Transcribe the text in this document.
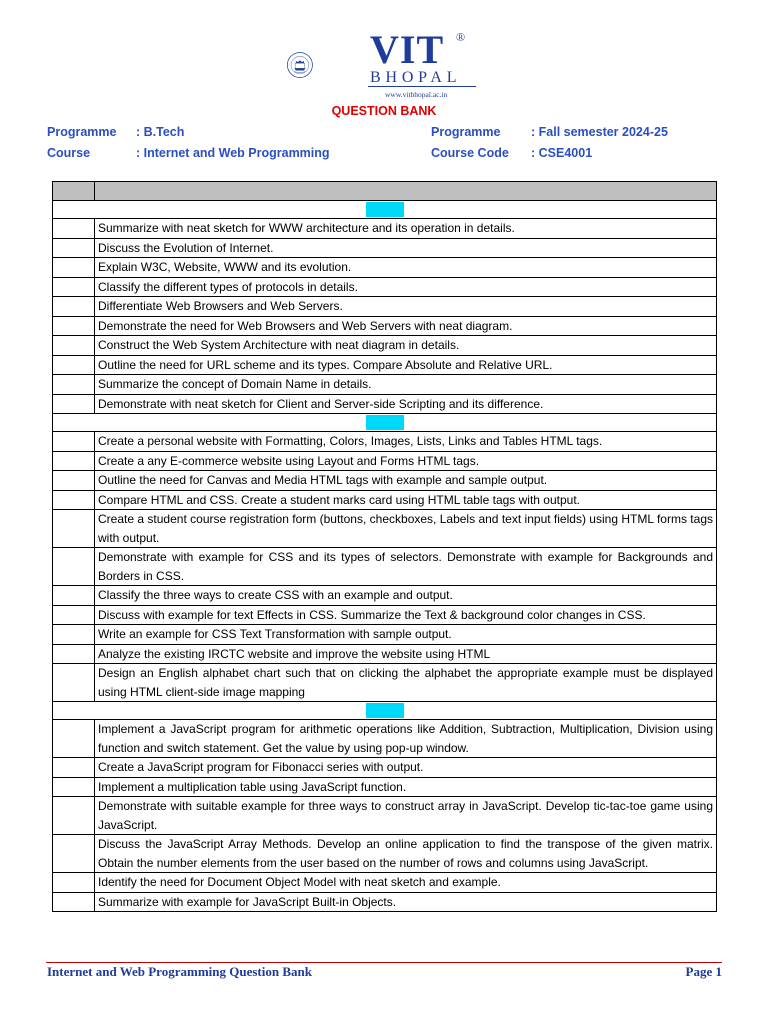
VIT ®
BHOPAL
www.vitbhopal.ac.in
QUESTION BANK
Programme : B.Tech
Course	: Internet and Web Programming
Programme : Fall semester 2024-25
Course Code : CSE4001

	Summarize with neat sketch for WWW architecture and its operation in details.
	Discuss the Evolution of Internet.
	Explain W3C, Website, WWW and its evolution.
	Classify the different types of protocols in details.
	Differentiate Web Browsers and Web Servers.
	Demonstrate the need for Web Browsers and Web Servers with neat diagram.
	Construct the Web System Architecture with neat diagram in details.
	Outline the need for URL scheme and its types. Compare Absolute and Relative URL.
	Summarize the concept of Domain Name in details.
	Demonstrate with neat sketch for Client and Server-side Scripting and its difference.

	Create a personal website with Formatting, Colors, Images, Lists, Links and Tables HTML tags.
	Create a any E-commerce website using Layout and Forms HTML tags.
	Outline the need for Canvas and Media HTML tags with example and sample output.
	Compare HTML and CSS. Create a student marks card using HTML table tags with output.
	Create a student course registration form (buttons, checkboxes, Labels and text input fields) using HTML forms tags with output.
	Demonstrate with example for CSS and its types of selectors. Demonstrate with example for Backgrounds and Borders in CSS.
	Classify the three ways to create CSS with an example and output.
	Discuss with example for text Effects in CSS. Summarize the Text & background color changes in CSS.
	Write an example for CSS Text Transformation with sample output.
	Analyze the existing IRCTC website and improve the website using HTML
	Design an English alphabet chart such that on clicking the alphabet the appropriate example must be displayed using HTML client-side image mapping

	Implement a JavaScript program for arithmetic operations like Addition, Subtraction, Multiplication, Division using function and switch statement. Get the value by using pop-up window.
	Create a JavaScript program for Fibonacci series with output.
	Implement a multiplication table using JavaScript function.
	Demonstrate with suitable example for three ways to construct array in JavaScript. Develop tic-tac-toe game using JavaScript.
	Discuss the JavaScript Array Methods. Develop an online application to find the transpose of the given matrix. Obtain the number elements from the user based on the number of rows and columns using JavaScript.
	Identify the need for Document Object Model with neat sketch and example.
	Summarize with example for JavaScript Built-in Objects.
Internet and Web Programming Question Bank	Page 1
